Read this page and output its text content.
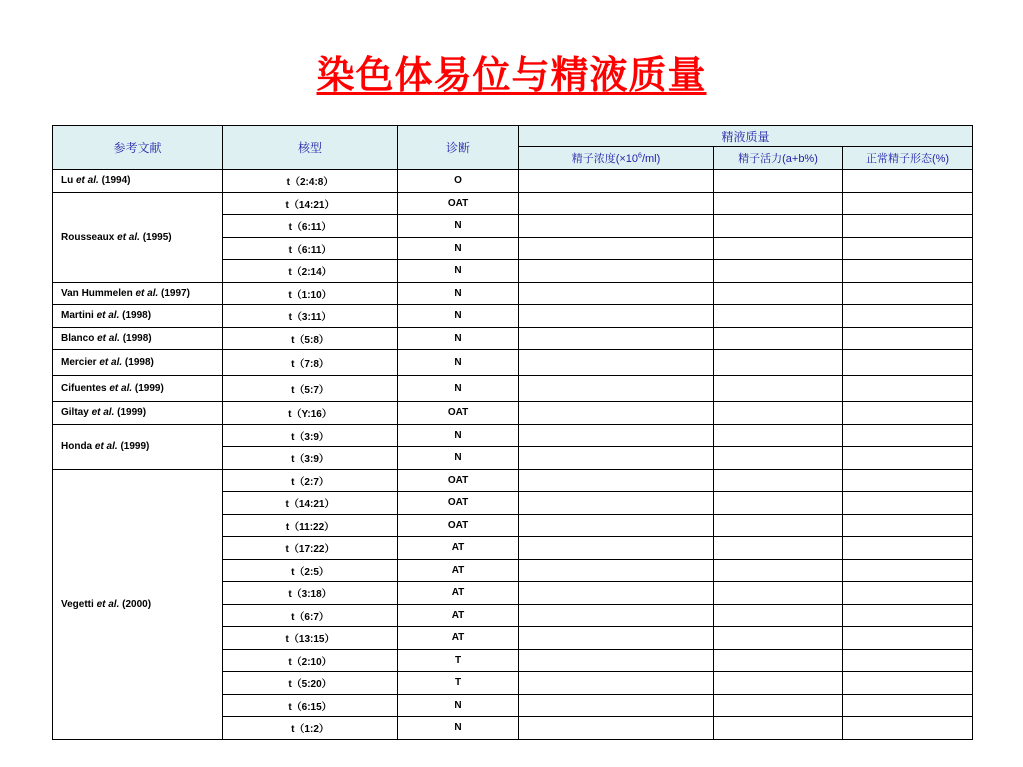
染色体易位与精液质量
参考文献	核型	诊断	精液质量		
			精子浓度$(\times 10^6/ml)$	精子活力(a+b%)	正常精子形态(%)
Lu et al. (1994)	t（2:4:8）	O			
Rousseaux et al. (1995)	t（14:21）	OAT			
	t（6:11）	N			
	t（6:11）	N			
	t（2:14）	N			
Van Hummelen et al. (1997)	t（1:10）	N			
Martini et al. (1998)	t（3:11）	N			
Blanco et al. (1998)	t（5:8）	N			
Mercier et al. (1998)	t（7:8）	N			
Cifuentes et al. (1999)	t（5:7）	N			
Giltay et al. (1999)	t（Y:16）	OAT			
Honda et al. (1999)	t（3:9）	N			
	t（3:9）	N			
Vegetti et al. (2000)	t（2:7）	OAT			
	t（14:21）	OAT			
	t（11:22）	OAT			
	t（17:22）	AT			
	t（2:5）	AT			
	t（3:18）	AT			
	t（6:7）	AT			
	t（13:15）	AT			
	t（2:10）	T			
	t（5:20）	T			
	t（6:15）	N			
	t（1:2）	N			
